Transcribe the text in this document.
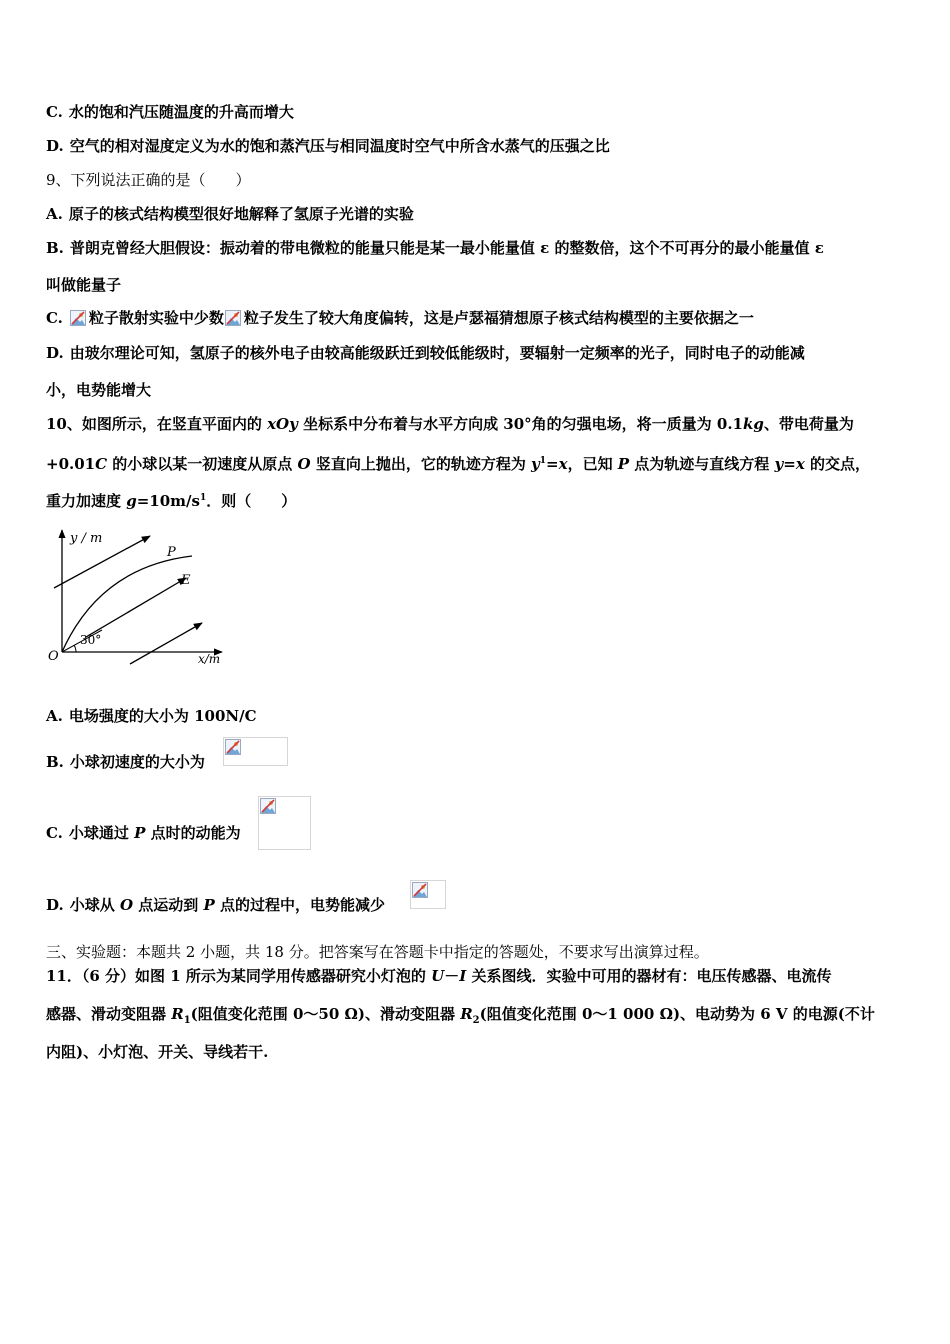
C. 水的饱和汽压随温度的升高而增大
D. 空气的相对湿度定义为水的饱和蒸汽压与相同温度时空气中所含水蒸气的压强之比
9、下列说法正确的是（　　）
A. 原子的核式结构模型很好地解释了氢原子光谱的实验
B. 普朗克曾经大胆假设：振动着的带电微粒的能量只能是某一最小能量值 ε 的整数倍，这个不可再分的最小能量值 ε
叫做能量子
C. 粒子散射实验中少数 粒子发生了较大角度偏转，这是卢瑟福猜想原子核式结构模型的主要依据之一
D. 由玻尔理论可知，氢原子的核外电子由较高能级跃迁到较低能级时，要辐射一定频率的光子，同时电子的动能减
小，电势能增大
10、如图所示，在竖直平面内的 xOy 坐标系中分布着与水平方向成 30°角的匀强电场，将一质量为 0.1kg、带电荷量为
+0.01C 的小球以某一初速度从原点 O 竖直向上抛出，它的轨迹方程为 $y^1=x$，已知 P 点为轨迹与直线方程 y=x 的交点，
重力加速度 $g=10m/s^1$．则（　　）
y / m
x/m
P
E
30°
O
A. 电场强度的大小为 100N/C
B. 小球初速度的大小为
C. 小球通过 P 点时的动能为
D. 小球从 O 点运动到 P 点的过程中，电势能减少
三、实验题：本题共 2 小题，共 18 分。把答案写在答题卡中指定的答题处，不要求写出演算过程。
11．（6 分）如图 1 所示为某同学用传感器研究小灯泡的 U－I 关系图线．实验中可用的器材有：电压传感器、电流传
感器、滑动变阻器 $R_1$(阻值变化范围 0～50 Ω)、滑动变阻器 $R_2$(阻值变化范围 0～1 000 Ω)、电动势为 6 V 的电源(不计
内阻)、小灯泡、开关、导线若干.
